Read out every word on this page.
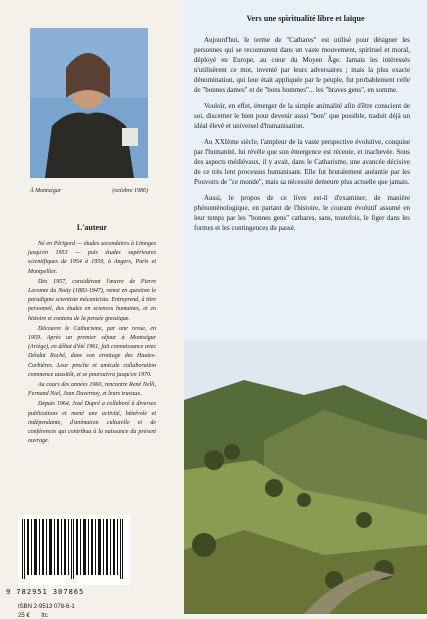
À Montségur	(octobre 1986)
L'auteur

Né en Périgord — études secondaires à Limoges jusqu'en 1953 — puis études supérieures scientifiques de 1954 à 1959, à Angers, Paris et Montpellier.

Dès 1957, considérant l'œuvre de Pierre Lecomte du Noüy (1883-1947), remet en question le paradigme scientiste mécaniciste. Entreprend, à titre personnel, des études en sciences humaines, et en histoire et contenu de la pensée gnostique.

Découvre le Catharisme, par une revue, en 1959. Après un premier séjour à Montségur (Ariège), en début d'été 1961, fait connaissance avec Déodat Roché, dans son ermitage des Hautes-Corbières. Leur proche et amicale collaboration commence aussitôt, et se poursuivra jusqu'en 1970.

Au cours des années 1960, rencontre René Nelli, Fernand Niel, Jean Duvernoy, et leurs travaux.

Depuis 1964, José Dupré a collaboré à diverses publications et mené une activité, bénévole et indépendante, d'animation culturelle et de conférences qui contribua à la naissance du présent ouvrage.

9 782951 307865
ISBN 2-9513 078-6-1
25 € ttc
Vers une spiritualité libre et laïque

Aujourd'hui, le terme de "Cathares" est utilisé pour désigner les personnes qui se reconnurent dans un vaste mouvement, spirituel et moral, déployé en Europe, au cœur du Moyen Âge. Jamais les intéressés n'utilisèrent ce mot, inventé par leurs adversaires ; mais la plus exacte dénomination, qui leur était appliquée par le peuple, fut probablement celle de "bonnes dames" et de "bons hommes"... les "braves gens", en somme.

Vouloir, en effet, émerger de la simple animalité afin d'être conscient de soi, discerner le bien pour devenir aussi "bon" que possible, traduit déjà un idéal élevé et universel d'humanisation.

Au XXIème siècle, l'ampleur de la vaste perspective évolutive, conquise par l'humanité, lui révèle que son émergence est récente, et inachevée. Sous des aspects médiévaux, il y avait, dans le Catharisme, une avancée décisive de ce très lent processus humanisant. Elle fut brutalement anéantie par les Pouvoirs de "ce monde", mais sa nécessité demeure plus actuelle que jamais.

Aussi, le propos de ce livre est-il d'examiner, de manière phénoménologique, en partant de l'histoire, le courant évolutif assumé en leur temps par les "bonnes gens" cathares, sans, toutefois, le figer dans les formes et les contingences du passé.
